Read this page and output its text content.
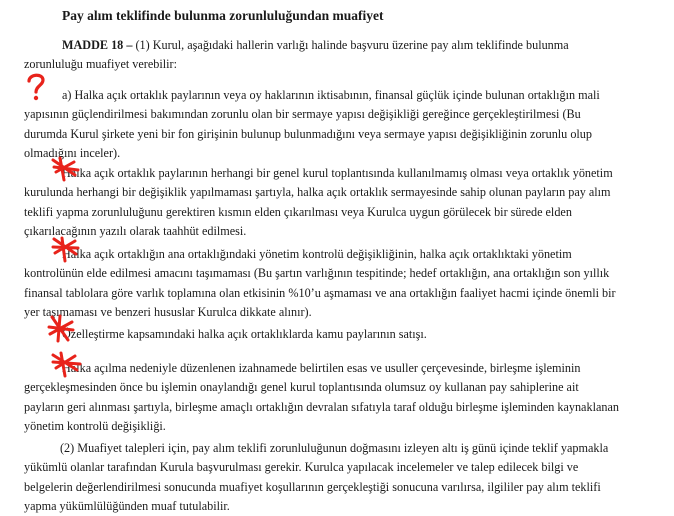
Pay alım teklifinde bulunma zorunluluğundan muafiyet

MADDE 18 – (1) Kurul, aşağıdaki hallerin varlığı halinde başvuru üzerine pay alım teklifinde bulunma zorunluluğu muafiyet verebilir:

a) Halka açık ortaklık paylarının veya oy haklarının iktisabının, finansal güçlük içinde bulunan ortaklığın mali yapısının güçlendirilmesi bakımından zorunlu olan bir sermaye yapısı değişikliği gereğince gerçekleştirilmesi (Bu durumda Kurul şirkete yeni bir fon girişinin bulunup bulunmadığını veya sermaye yapısı değişikliğinin zorunlu olup olmadığını inceler).

Halka açık ortaklık paylarının herhangi bir genel kurul toplantısında kullanılmamış olması veya ortaklık yönetim kurulunda herhangi bir değişiklik yapılmaması şartıyla, halka açık ortaklık sermayesinde sahip olunan payların pay alım teklifi yapma zorunluluğunu gerektiren kısmın elden çıkarılması veya Kurulca uygun görülecek bir sürede elden çıkarılacağının yazılı olarak taahhüt edilmesi.

Halka açık ortaklığın ana ortaklığındaki yönetim kontrolü değişikliğinin, halka açık ortaklıktaki yönetim kontrolünün elde edilmesi amacını taşımaması (Bu şartın varlığının tespitinde; hedef ortaklığın, ana ortaklığın son yıllık finansal tablolara göre varlık toplamına olan etkisinin %10’u aşmaması ve ana ortaklığın faaliyet hacmi içinde önemli bir yer taşımaması ve benzeri hususlar Kurulca dikkate alınır).

Özelleştirme kapsamındaki halka açık ortaklıklarda kamu paylarının satışı.

Halka açılma nedeniyle düzenlenen izahnamede belirtilen esas ve usuller çerçevesinde, birleşme işleminin gerçekleşmesinden önce bu işlemin onaylandığı genel kurul toplantısında olumsuz oy kullanan pay sahiplerine ait payların geri alınması şartıyla, birleşme amaçlı ortaklığın devralan sıfatıyla taraf olduğu birleşme işleminden kaynaklanan yönetim kontrolü değişikliği.

(2) Muafiyet talepleri için, pay alım teklifi zorunluluğunun doğmasını izleyen altı iş günü içinde teklif yapmakla yükümlü olanlar tarafından Kurula başvurulması gerekir. Kurulca yapılacak incelemeler ve talep edilecek bilgi ve belgelerin değerlendirilmesi sonucunda muafiyet koşullarının gerçekleştiği sonucuna varılırsa, ilgililer pay alım teklifi yapma yükümlülüğünden muaf tutulabilir.
